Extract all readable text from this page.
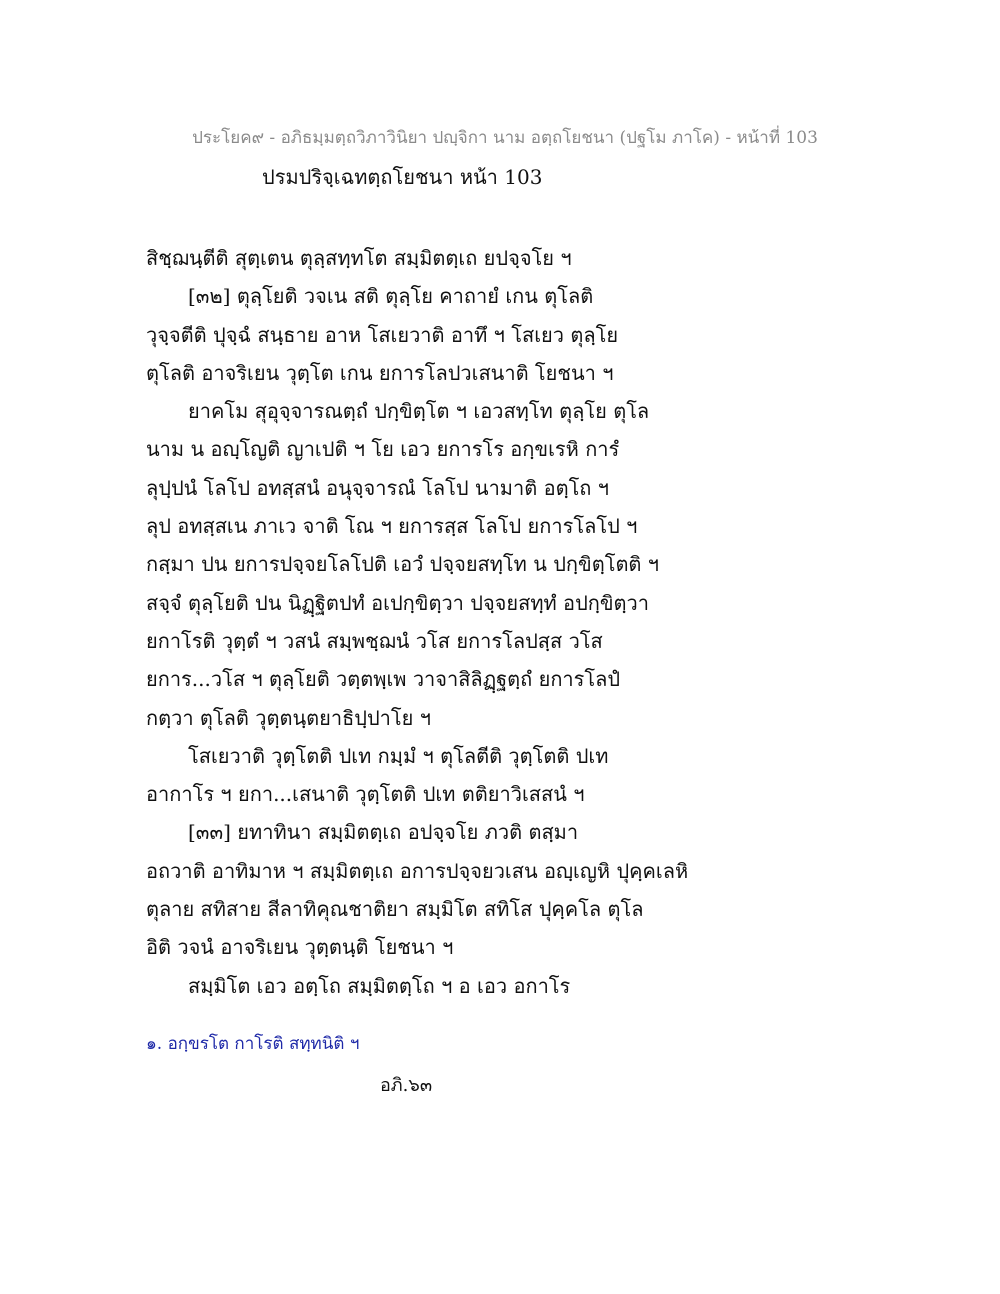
ประโยค๙ - อภิธมฺมตฺถวิภาวินิยา ปญฺจิกา นาม อตฺถโยชนา (ปฐโม ภาโค) - หน้าที่ 103
ปรมปริจฺเฉทตฺถโยชนา หน้า 103
สิชฺฌนฺตีติ สุตฺเตน ตุลฺสทฺทโต สมฺมิตตฺเถ ยปจฺจโย ฯ
[๓๒] ตุลฺโยติ วจเน สติ ตุลฺโย คาถายํ เกน ตุโลติ
วุจฺจตีติ ปุจฺฉํ สนฺธาย อาห โสเยวาติ อาทึ ฯ โสเยว ตุลฺโย
ตุโลติ อาจริเยน วุตฺโต เกน ยการโลปวเสนาติ โยชนา ฯ
ยาคโม สุอุจฺจารณตฺถํ ปกฺขิตฺโต ฯ เอวสทฺโท ตุลฺโย ตุโล
นาม น อญฺโญติ ญาเปติ ฯ โย เอว ยการโร อกฺขเรหิ การํ
ลุปฺปนํ โลโป อทสฺสนํ อนุจฺจารณํ โลโป นามาติ อตฺโถ ฯ
ลุป อทสฺสเน ภาเว จาติ โณ ฯ ยการสฺส โลโป ยการโลโป ฯ
กสฺมา ปน ยการปจฺจยโลโปติ เอวํ ปจฺจยสทฺโท น ปกฺขิตฺโตติ ฯ
สจฺจํ ตุลฺโยติ ปน นิฏฺฐิตปทํ อเปกฺขิตฺวา ปจฺจยสทฺทํ อปกฺขิตฺวา
ยกาโรติ วุตฺตํ ฯ วสนํ สมฺพชฺฌนํ วโส ยการโลปสฺส วโส
ยการ...วโส ฯ ตุลฺโยติ วตฺตพฺเพ วาจาสิลิฏฺฐตฺถํ ยการโลปํ
กตฺวา ตุโลติ วุตฺตนฺตยาธิปฺปาโย ฯ
โสเยวาติ วุตฺโตติ ปเท กมฺมํ ฯ ตุโลตีติ วุตฺโตติ ปเท
อากาโร ฯ ยกา...เสนาติ วุตฺโตติ ปเท ตติยาวิเสสนํ ฯ
[๓๓] ยทาทินา สมฺมิตตฺเถ อปจฺจโย ภวติ ตสฺมา
อถวาติ อาทิมาห ฯ สมฺมิตตฺเถ อการปจฺจยวเสน อญฺเญหิ ปุคฺคเลหิ
ตุลาย สทิสาย สีลาทิคุณชาติยา สมฺมิโต สทิโส ปุคฺคโล ตุโล
อิติ วจนํ อาจริเยน วุตฺตนฺติ โยชนา ฯ
สมฺมิโต เอว อตฺโถ สมฺมิตตฺโถ ฯ อ เอว อกาโร
๑. อกฺขรโต กาโรติ สทฺทนิติ ฯ
อภิ.๖๓
